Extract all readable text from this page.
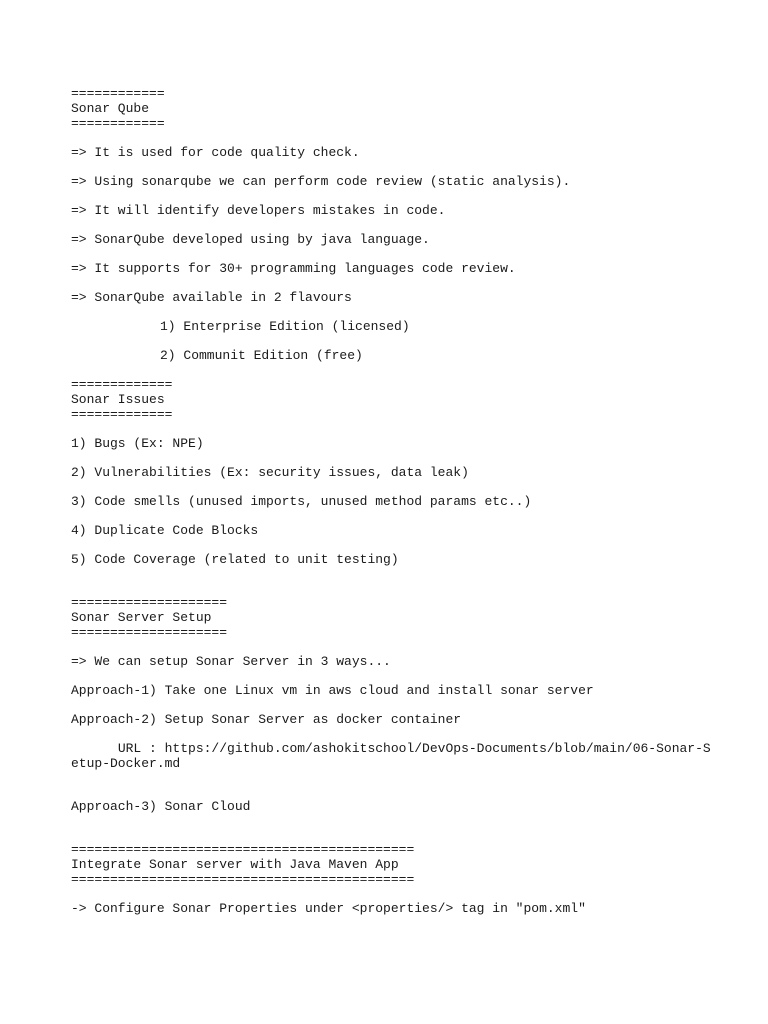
============
Sonar Qube
============
=> It is used for code quality check.
=> Using sonarqube we can perform code review (static analysis).
=> It will identify developers mistakes in code.
=> SonarQube developed using by java language.
=> It supports for 30+ programming languages code review.
=> SonarQube available in 2 flavours
1) Enterprise Edition (licensed)
2) Communit Edition (free)
=============
Sonar Issues
=============
1) Bugs (Ex: NPE)
2) Vulnerabilities (Ex: security issues, data leak)
3) Code smells (unused imports, unused method params etc..)
4) Duplicate Code Blocks
5) Code Coverage (related to unit testing)
====================
Sonar Server Setup
====================
=> We can setup Sonar Server in 3 ways...
Approach-1) Take one Linux vm in aws cloud and install sonar server
Approach-2) Setup Sonar Server as docker container
URL : https://github.com/ashokitschool/DevOps-Documents/blob/main/06-Sonar-Setup-Docker.md
Approach-3) Sonar Cloud
============================================
Integrate Sonar server with Java Maven App
============================================
-> Configure Sonar Properties under <properties/> tag in "pom.xml"
